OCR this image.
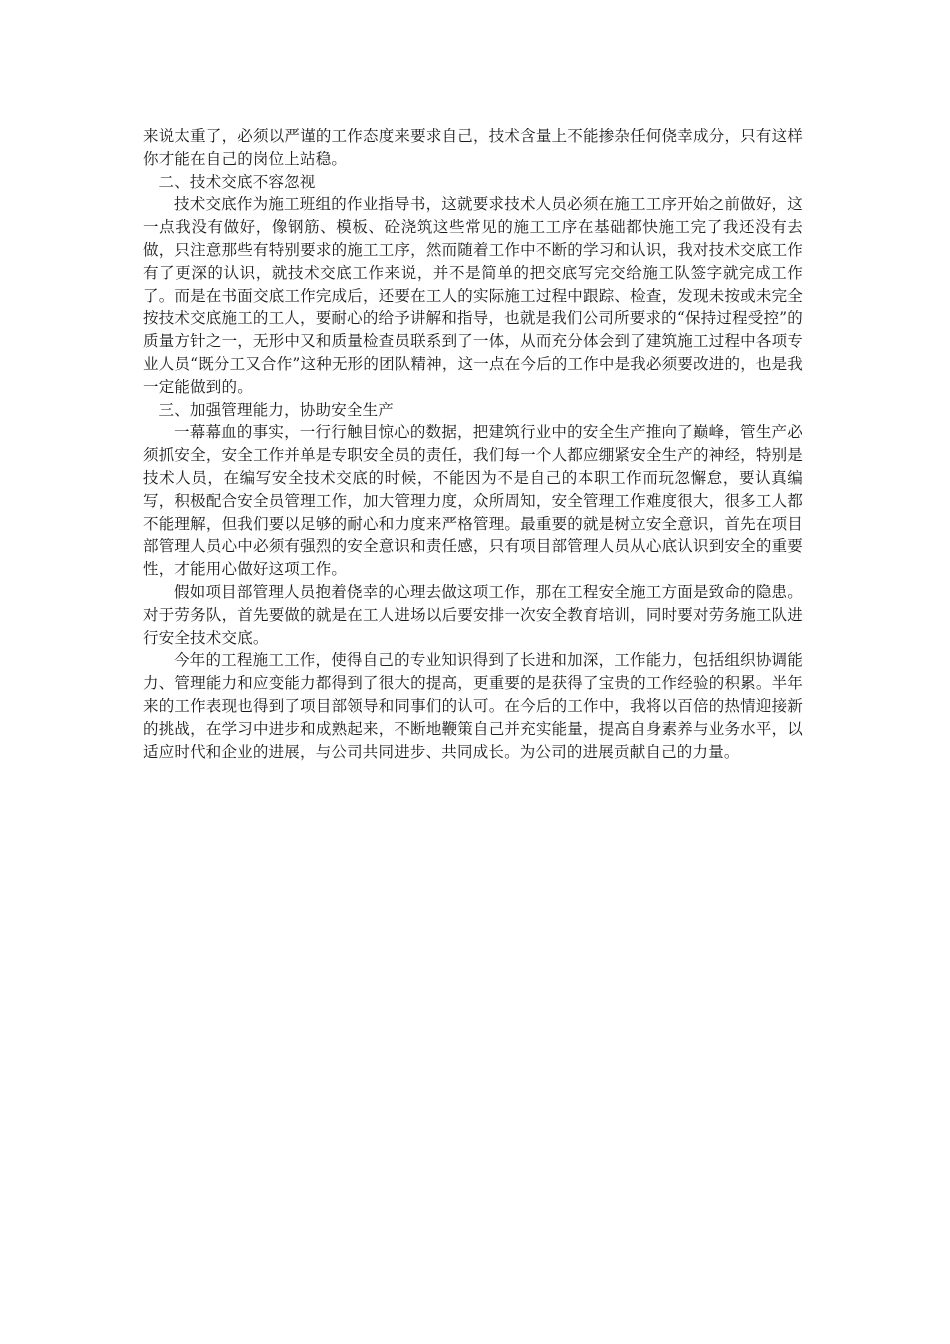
来说太重了，必须以严谨的工作态度来要求自己，技术含量上不能掺杂任何侥幸成分，只有这样你才能在自己的岗位上站稳。

二、技术交底不容忽视

技术交底作为施工班组的作业指导书，这就要求技术人员必须在施工工序开始之前做好，这一点我没有做好，像钢筋、模板、砼浇筑这些常见的施工工序在基础都快施工完了我还没有去做，只注意那些有特别要求的施工工序，然而随着工作中不断的学习和认识，我对技术交底工作有了更深的认识，就技术交底工作来说，并不是简单的把交底写完交给施工队签字就完成工作了。而是在书面交底工作完成后，还要在工人的实际施工过程中跟踪、检查，发现未按或未完全按技术交底施工的工人，要耐心的给予讲解和指导，也就是我们公司所要求的“保持过程受控”的质量方针之一，无形中又和质量检查员联系到了一体，从而充分体会到了建筑施工过程中各项专业人员“既分工又合作”这种无形的团队精神，这一点在今后的工作中是我必须要改进的，也是我一定能做到的。

三、加强管理能力，协助安全生产

一幕幕血的事实，一行行触目惊心的数据，把建筑行业中的安全生产推向了巅峰，管生产必须抓安全，安全工作并单是专职安全员的责任，我们每一个人都应绷紧安全生产的神经，特别是技术人员，在编写安全技术交底的时候，不能因为不是自己的本职工作而玩忽懈怠，要认真编写，积极配合安全员管理工作，加大管理力度，众所周知，安全管理工作难度很大，很多工人都不能理解，但我们要以足够的耐心和力度来严格管理。最重要的就是树立安全意识，首先在项目部管理人员心中必须有强烈的安全意识和责任感，只有项目部管理人员从心底认识到安全的重要性，才能用心做好这项工作。

假如项目部管理人员抱着侥幸的心理去做这项工作，那在工程安全施工方面是致命的隐患。对于劳务队，首先要做的就是在工人进场以后要安排一次安全教育培训，同时要对劳务施工队进行安全技术交底。

今年的工程施工工作，使得自己的专业知识得到了长进和加深，工作能力，包括组织协调能力、管理能力和应变能力都得到了很大的提高，更重要的是获得了宝贵的工作经验的积累。半年来的工作表现也得到了项目部领导和同事们的认可。在今后的工作中，我将以百倍的热情迎接新的挑战，在学习中进步和成熟起来，不断地鞭策自己并充实能量，提高自身素养与业务水平，以适应时代和企业的进展，与公司共同进步、共同成长。为公司的进展贡献自己的力量。
